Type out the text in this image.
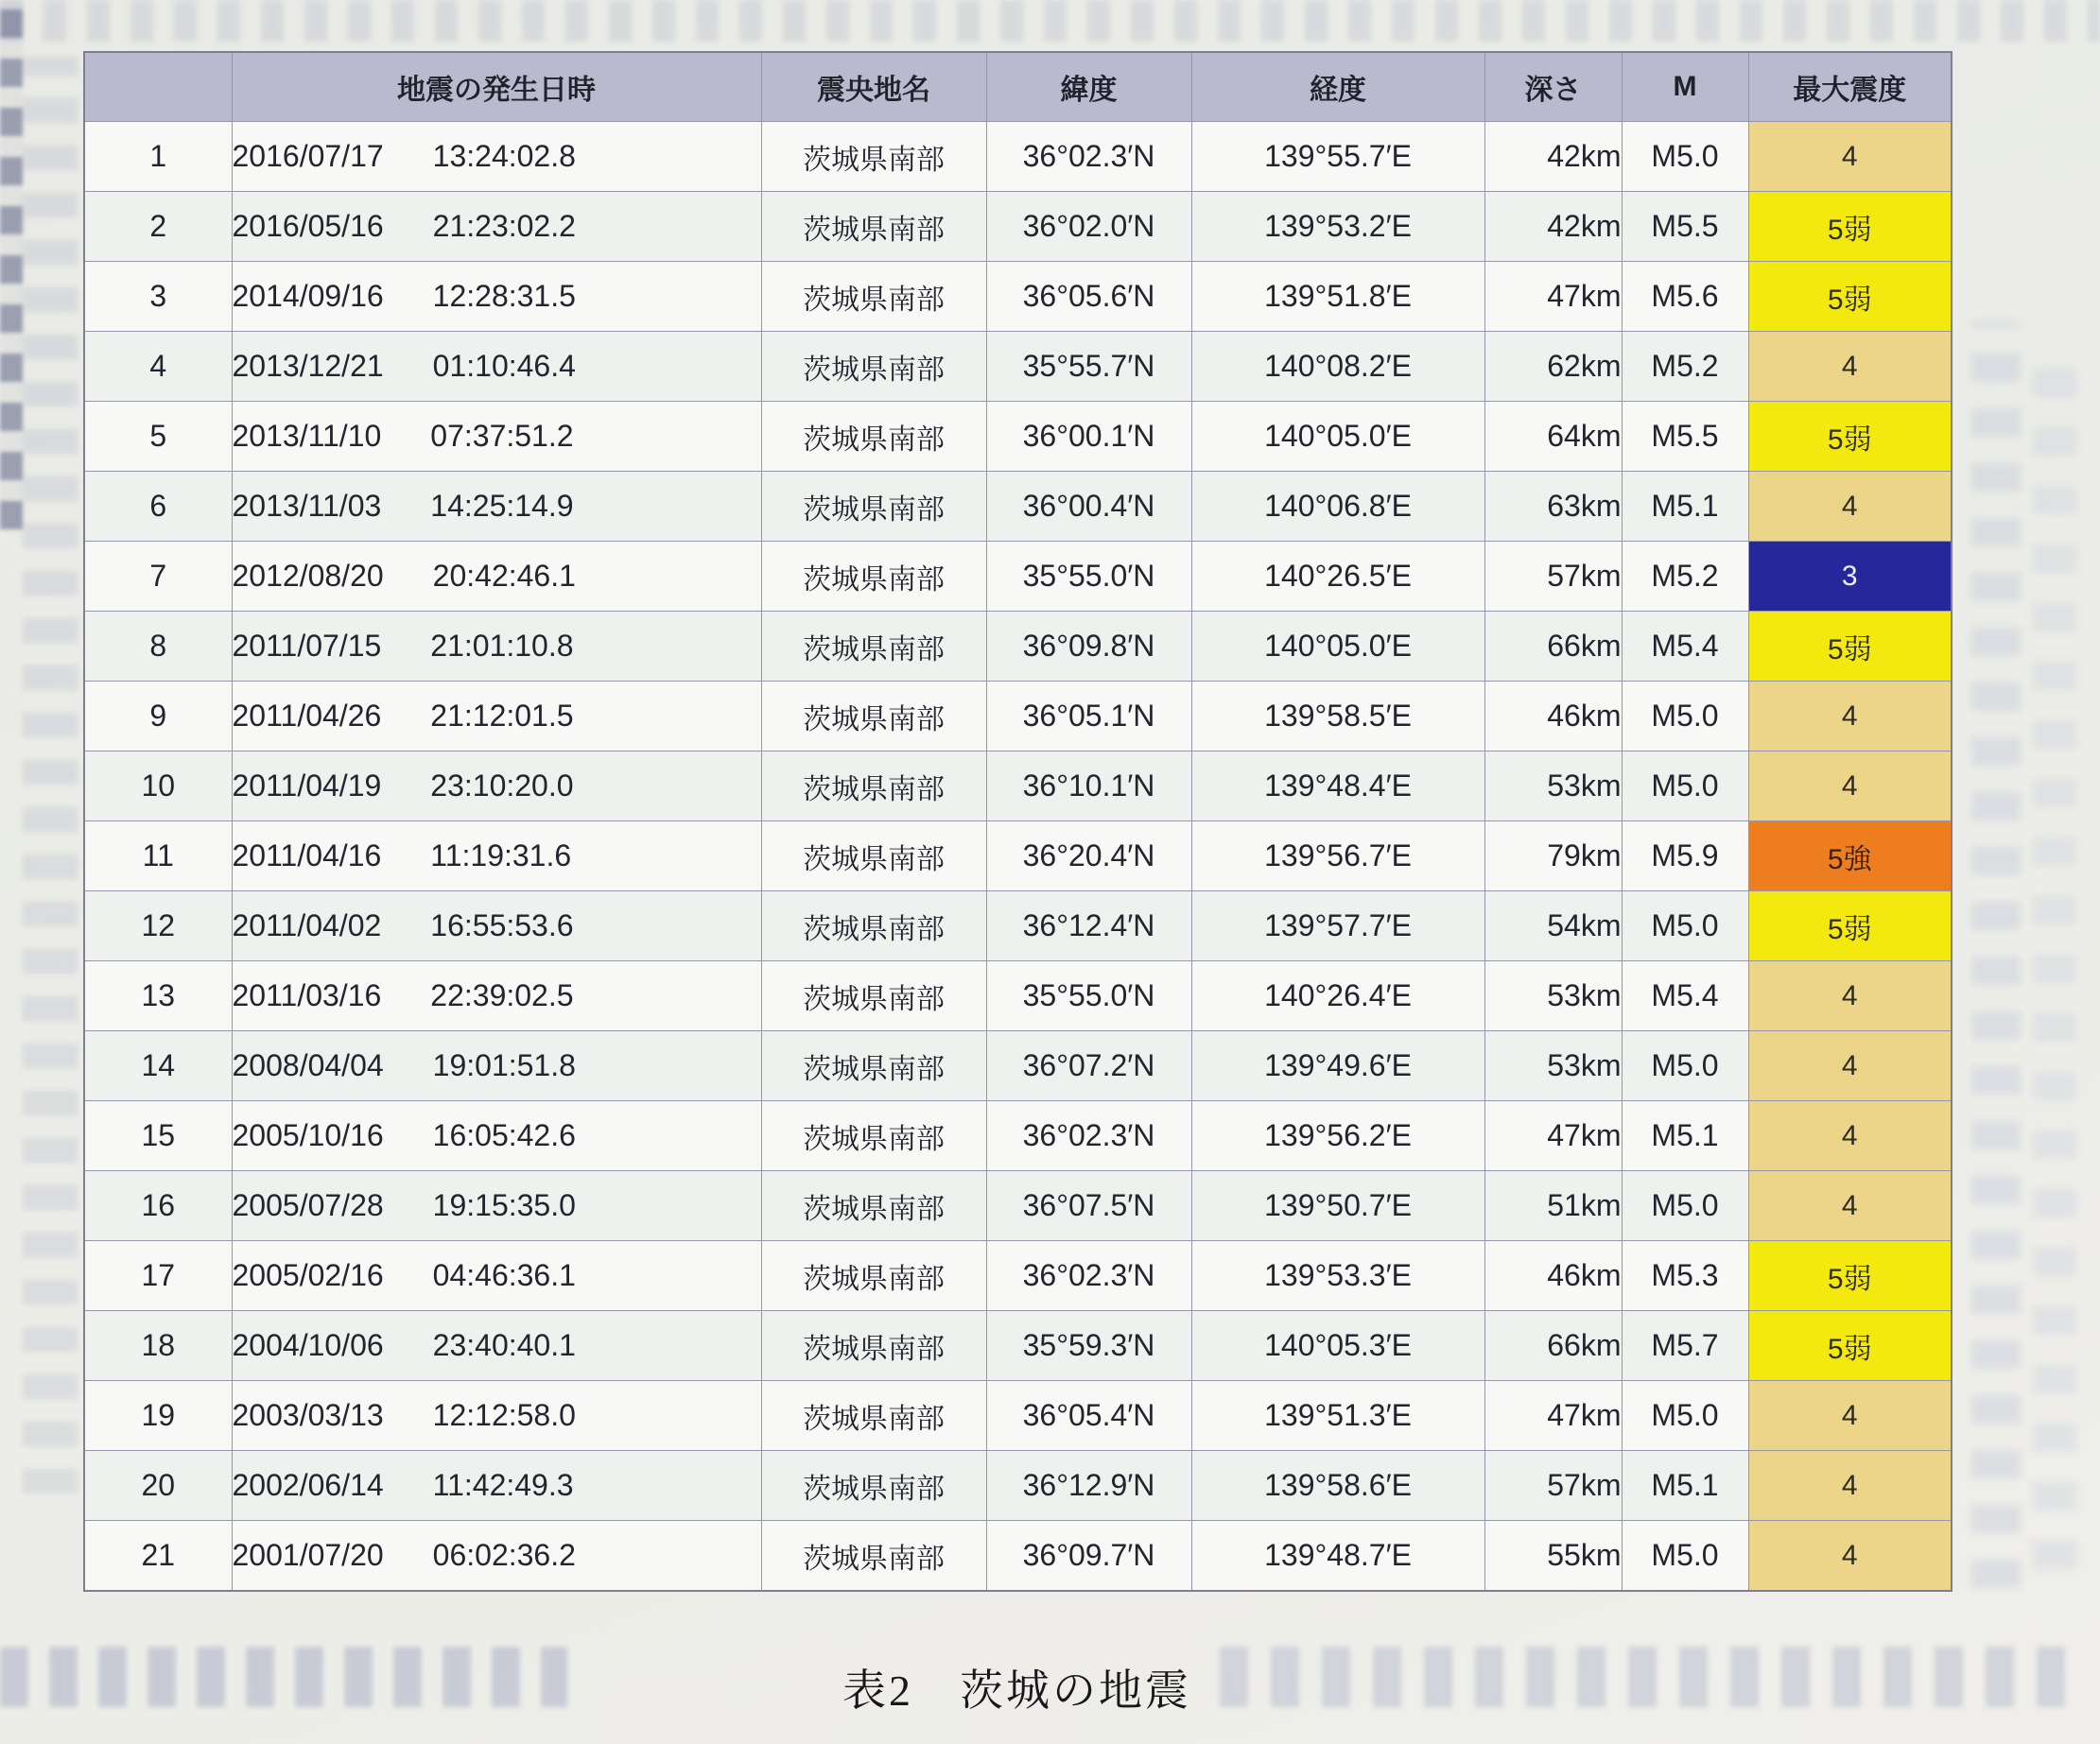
	地震の発生日時	震央地名	緯度	経度	深さ	M	最大震度
1	2016/07/17 13:24:02.8	茨城県南部	36°02.3′N	139°55.7′E	42km	M5.0	4
2	2016/05/16 21:23:02.2	茨城県南部	36°02.0′N	139°53.2′E	42km	M5.5	5弱
3	2014/09/16 12:28:31.5	茨城県南部	36°05.6′N	139°51.8′E	47km	M5.6	5弱
4	2013/12/21 01:10:46.4	茨城県南部	35°55.7′N	140°08.2′E	62km	M5.2	4
5	2013/11/10 07:37:51.2	茨城県南部	36°00.1′N	140°05.0′E	64km	M5.5	5弱
6	2013/11/03 14:25:14.9	茨城県南部	36°00.4′N	140°06.8′E	63km	M5.1	4
7	2012/08/20 20:42:46.1	茨城県南部	35°55.0′N	140°26.5′E	57km	M5.2	3
8	2011/07/15 21:01:10.8	茨城県南部	36°09.8′N	140°05.0′E	66km	M5.4	5弱
9	2011/04/26 21:12:01.5	茨城県南部	36°05.1′N	139°58.5′E	46km	M5.0	4
10	2011/04/19 23:10:20.0	茨城県南部	36°10.1′N	139°48.4′E	53km	M5.0	4
11	2011/04/16 11:19:31.6	茨城県南部	36°20.4′N	139°56.7′E	79km	M5.9	5強
12	2011/04/02 16:55:53.6	茨城県南部	36°12.4′N	139°57.7′E	54km	M5.0	5弱
13	2011/03/16 22:39:02.5	茨城県南部	35°55.0′N	140°26.4′E	53km	M5.4	4
14	2008/04/04 19:01:51.8	茨城県南部	36°07.2′N	139°49.6′E	53km	M5.0	4
15	2005/10/16 16:05:42.6	茨城県南部	36°02.3′N	139°56.2′E	47km	M5.1	4
16	2005/07/28 19:15:35.0	茨城県南部	36°07.5′N	139°50.7′E	51km	M5.0	4
17	2005/02/16 04:46:36.1	茨城県南部	36°02.3′N	139°53.3′E	46km	M5.3	5弱
18	2004/10/06 23:40:40.1	茨城県南部	35°59.3′N	140°05.3′E	66km	M5.7	5弱
19	2003/03/13 12:12:58.0	茨城県南部	36°05.4′N	139°51.3′E	47km	M5.0	4
20	2002/06/14 11:42:49.3	茨城県南部	36°12.9′N	139°58.6′E	57km	M5.1	4
21	2001/07/20 06:02:36.2	茨城県南部	36°09.7′N	139°48.7′E	55km	M5.0	4
表2　茨城の地震
